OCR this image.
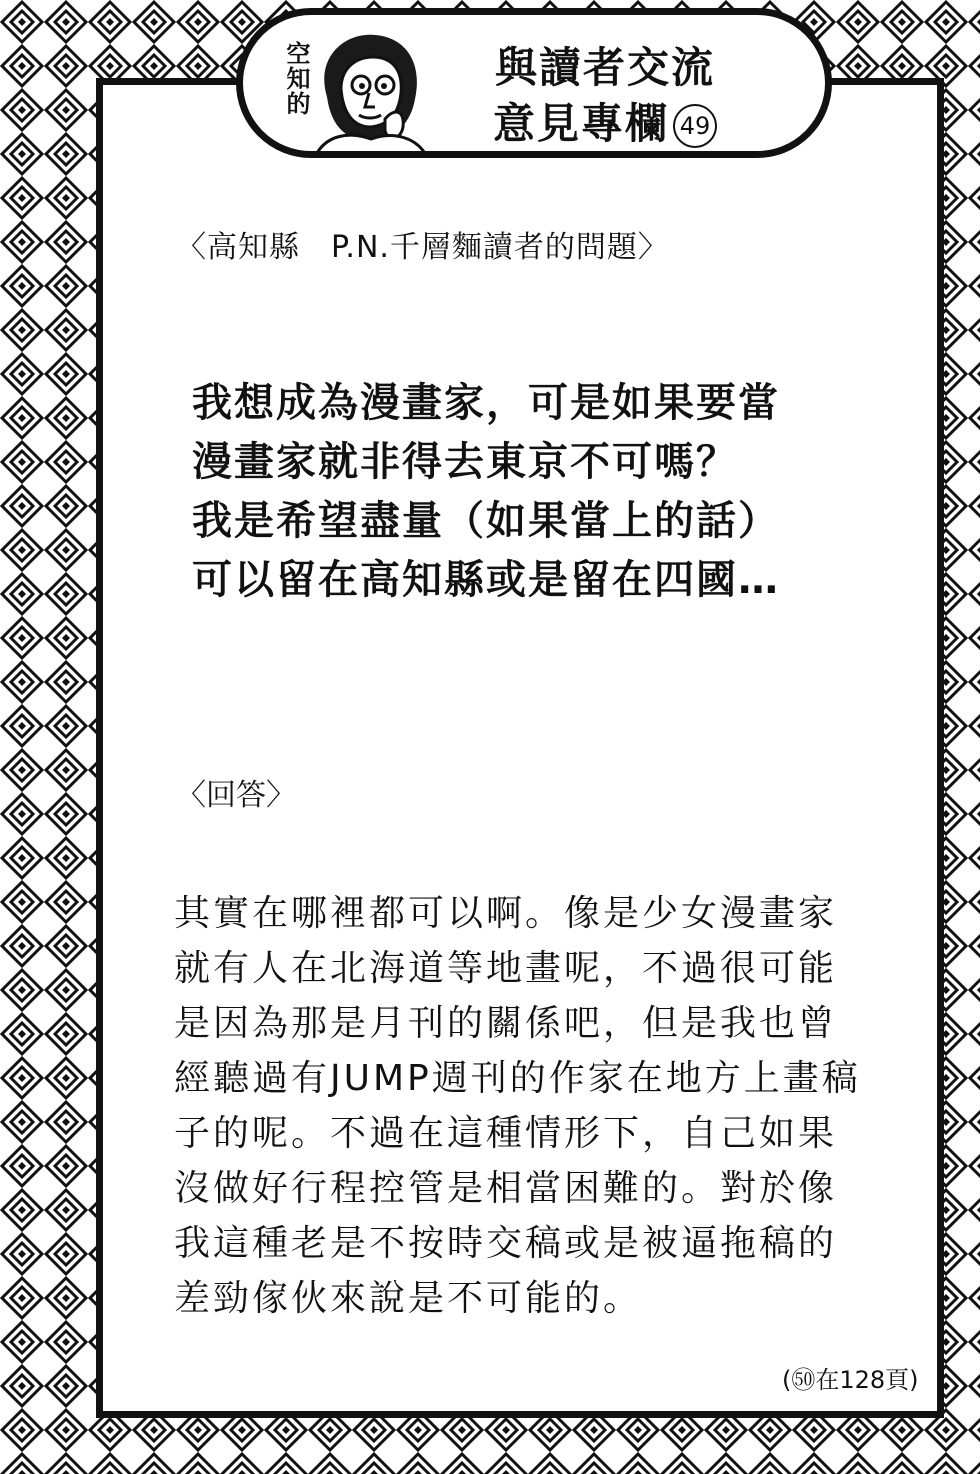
空知的	與讀者交流
意見專欄 49
〈高知縣　P.N.千層麵讀者的問題〉
我想成為漫畫家，可是如果要當
漫畫家就非得去東京不可嗎？
我是希望盡量（如果當上的話）
可以留在高知縣或是留在四國…
〈回答〉
其實在哪裡都可以啊。像是少女漫畫家
就有人在北海道等地畫呢，不過很可能
是因為那是月刊的關係吧，但是我也曾
經聽過有JUMP週刊的作家在地方上畫稿
子的呢。不過在這種情形下，自己如果
沒做好行程控管是相當困難的。對於像
我這種老是不按時交稿或是被逼拖稿的
差勁傢伙來說是不可能的。
(㊿在128頁)
